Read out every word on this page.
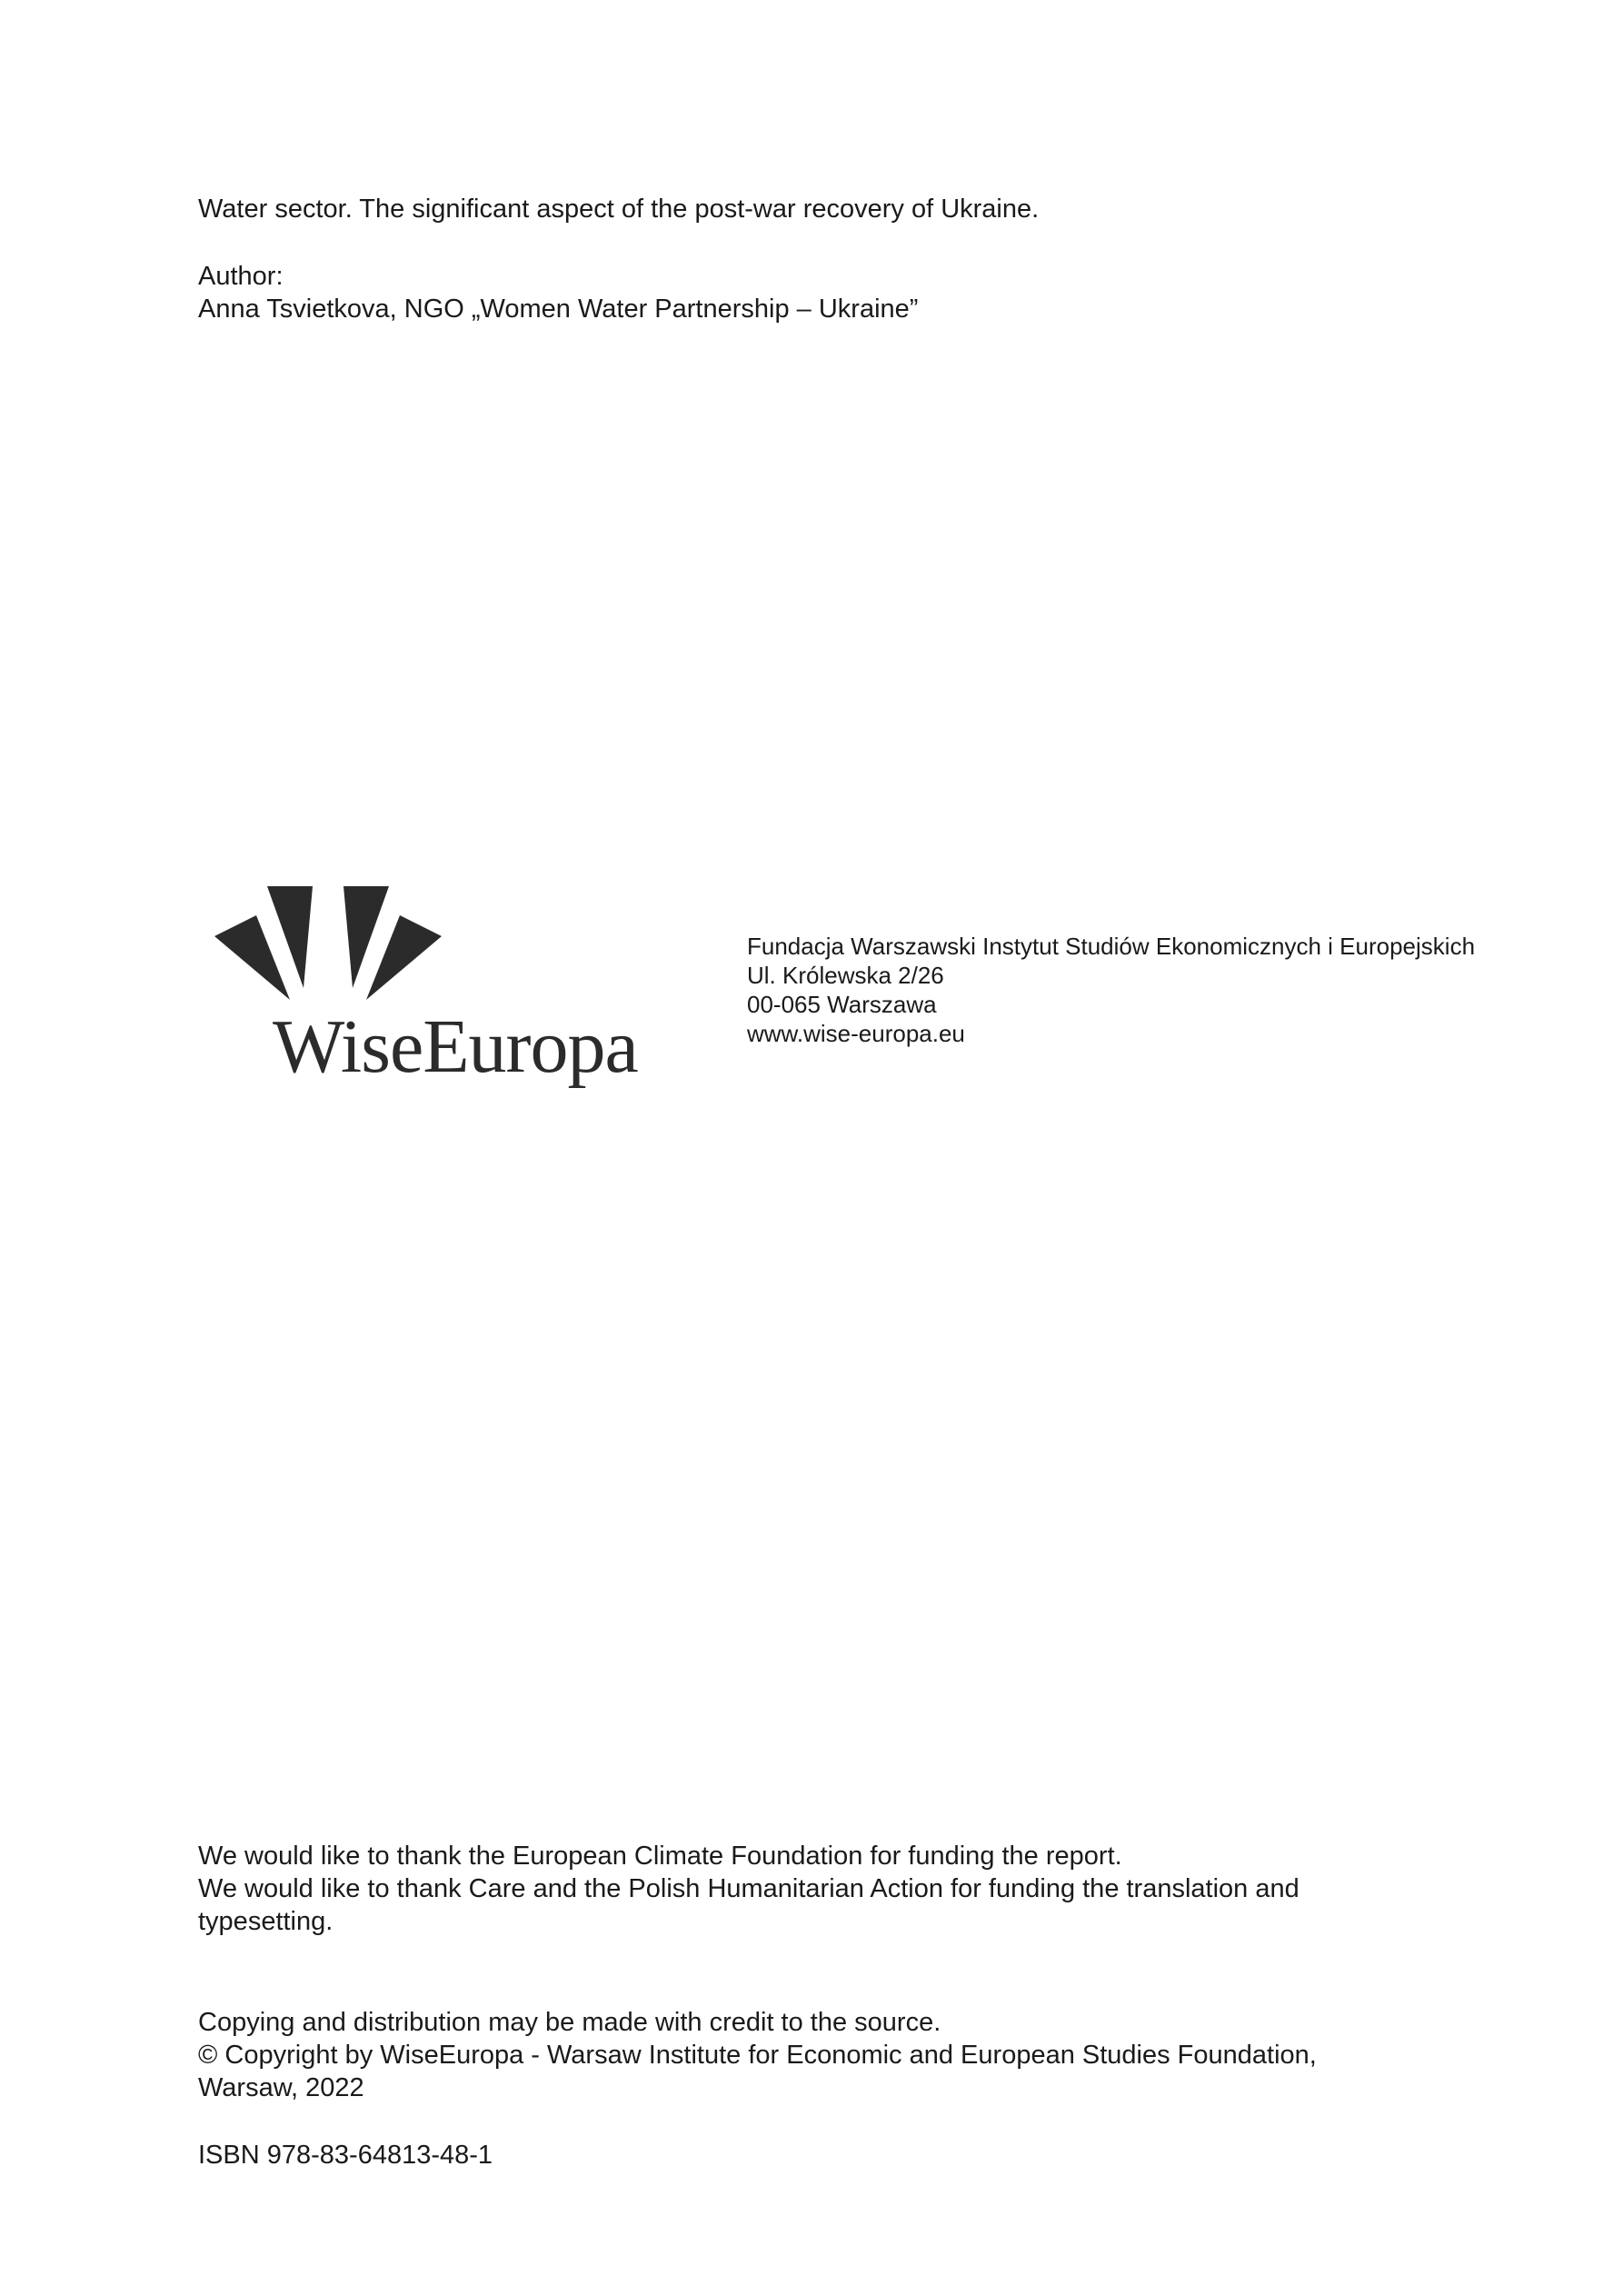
Water sector. The significant aspect of the post-war recovery of Ukraine.

Author:

Anna Tsvietkova, NGO „Women Water Partnership – Ukraine”

WiseEuropa

Fundacja Warszawski Instytut Studiów Ekonomicznych i Europejskich

Ul. Królewska 2/26

00-065 Warszawa

www.wise-europa.eu

We would like to thank the European Climate Foundation for funding the report.

We would like to thank Care and the Polish Humanitarian Action for funding the translation and

typesetting.

Copying and distribution may be made with credit to the source.

© Copyright by WiseEuropa - Warsaw Institute for Economic and European Studies Foundation,

Warsaw, 2022

ISBN 978-83-64813-48-1
